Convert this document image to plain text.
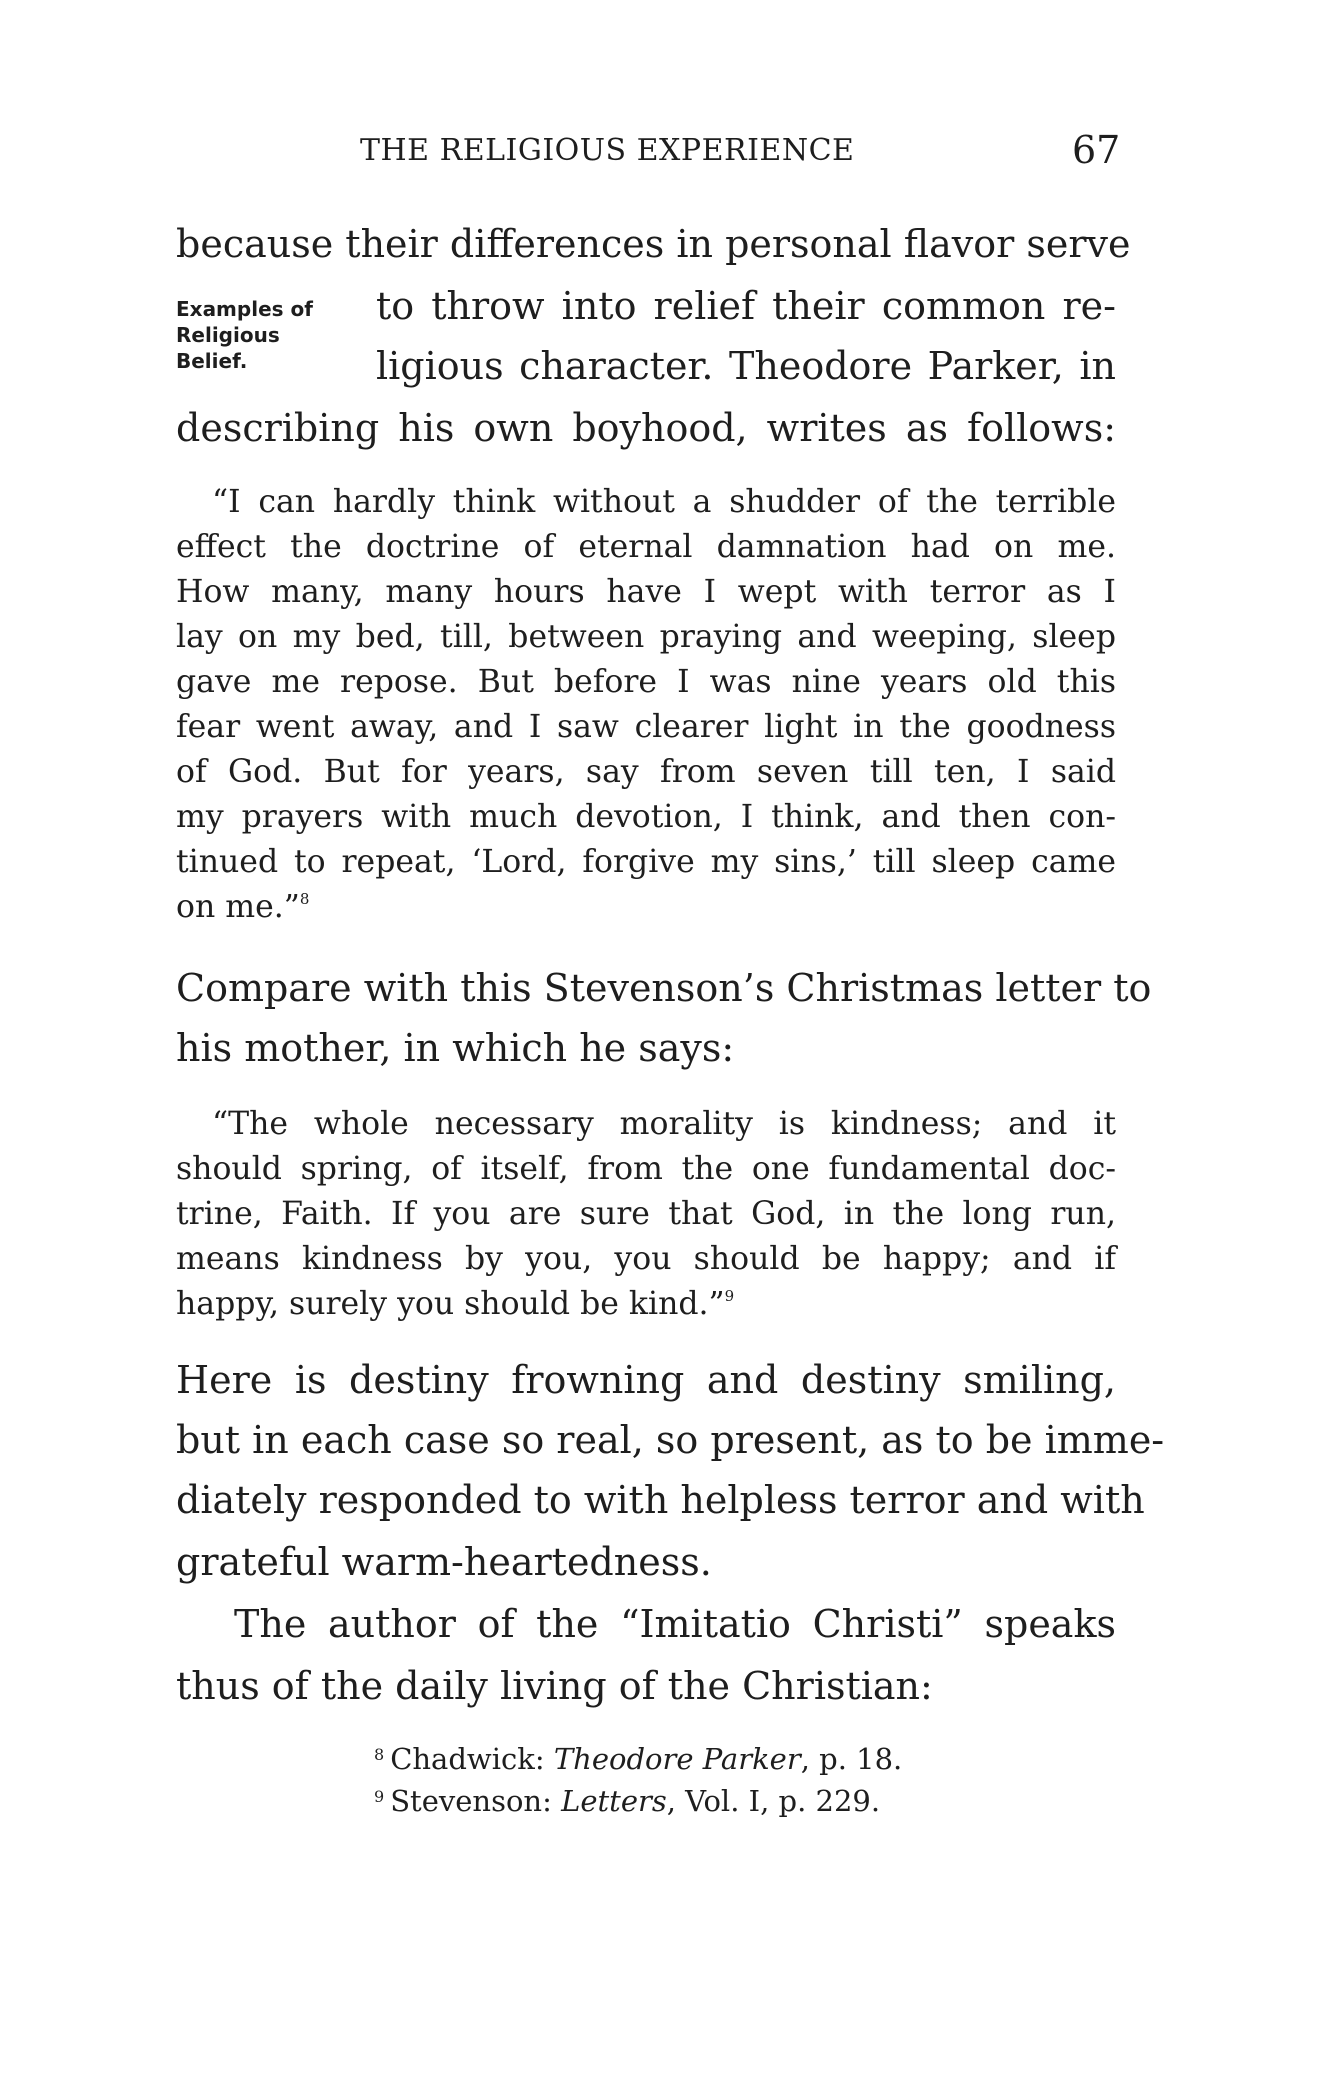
THE RELIGIOUS EXPERIENCE	67
because their differences in personal flavor serve
Examples of
Religious
Belief.
to throw into relief their common re-
ligious character. Theodore Parker, in
describing his own boyhood, writes as follows:
“I can hardly think without a shudder of the terrible
effect the doctrine of eternal damnation had on me.
How many, many hours have I wept with terror as I
lay on my bed, till, between praying and weeping, sleep
gave me repose. But before I was nine years old this
fear went away, and I saw clearer light in the goodness
of God. But for years, say from seven till ten, I said
my prayers with much devotion, I think, and then con-
tinued to repeat, ‘Lord, forgive my sins,’ till sleep came
on me.”$^8$
Compare with this Stevenson’s Christmas letter to
his mother, in which he says:
“The whole necessary morality is kindness; and it
should spring, of itself, from the one fundamental doc-
trine, Faith. If you are sure that God, in the long run,
means kindness by you, you should be happy; and if
happy, surely you should be kind.”$^9$
Here is destiny frowning and destiny smiling,
but in each case so real, so present, as to be imme-
diately responded to with helpless terror and with
grateful warm-heartedness.
The author of the “Imitatio Christi” speaks
thus of the daily living of the Christian:
$^8$ Chadwick: Theodore Parker, p. 18.
$^9$ Stevenson: Letters, Vol. I, p. 229.
